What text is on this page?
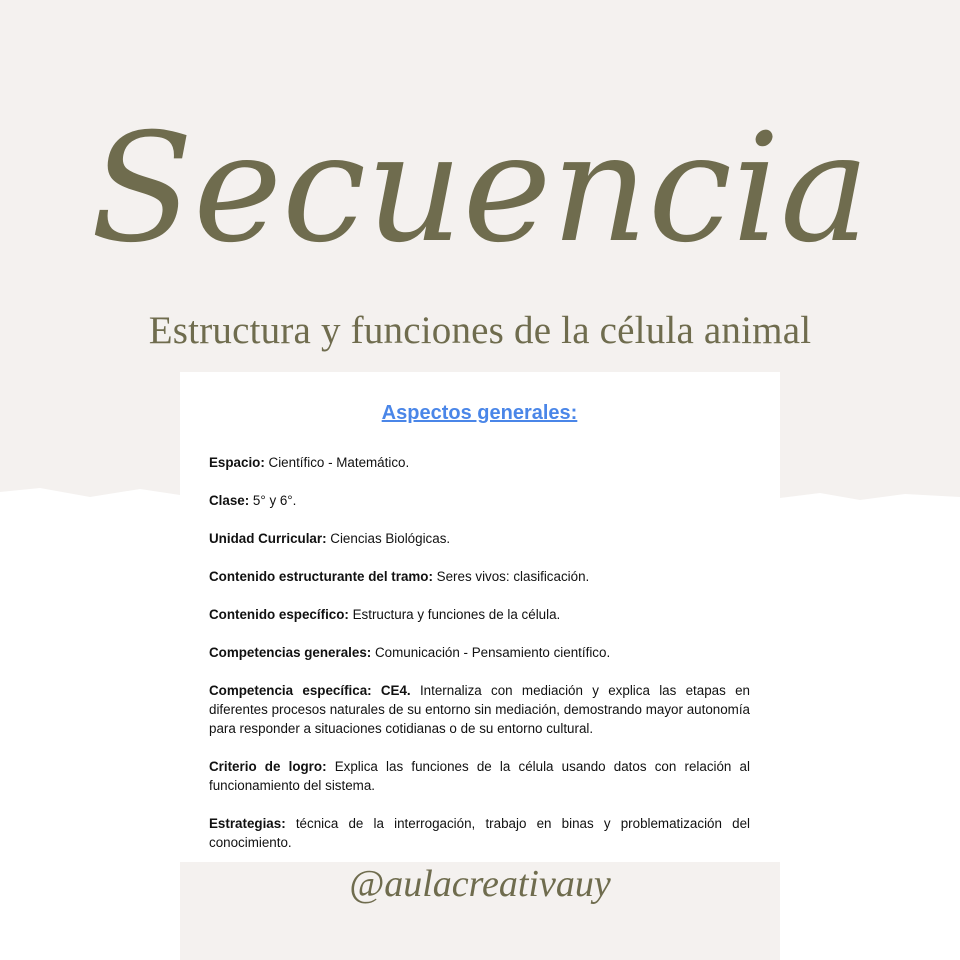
Secuencia
Estructura y funciones de la célula animal
Aspectos generales:

Espacio: Científico - Matemático.

Clase: 5° y 6°.

Unidad Curricular: Ciencias Biológicas.

Contenido estructurante del tramo: Seres vivos: clasificación.

Contenido específico: Estructura y funciones de la célula.

Competencias generales: Comunicación - Pensamiento científico.

Competencia específica: CE4. Internaliza con mediación y explica las etapas en diferentes procesos naturales de su entorno sin mediación, demostrando mayor autonomía para responder a situaciones cotidianas o de su entorno cultural.

Criterio de logro: Explica las funciones de la célula usando datos con relación al funcionamiento del sistema.

Estrategias: técnica de la interrogación, trabajo en binas y problematización del conocimiento.

@aulacreativauy
